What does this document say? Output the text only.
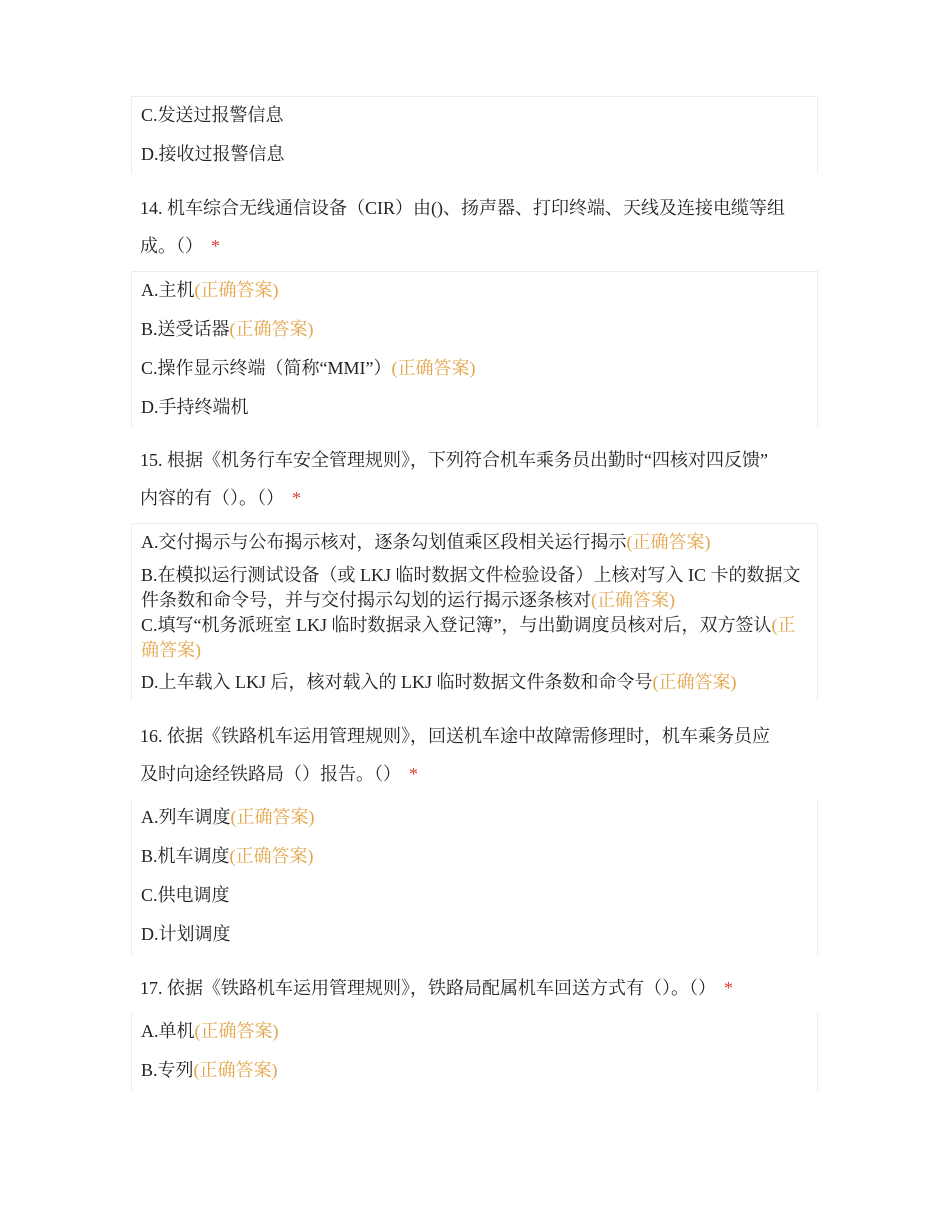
C.发送过报警信息
D.接收过报警信息
14. 机车综合无线通信设备（CIR）由()、扬声器、打印终端、天线及连接电缆等组
成。（） *
A.主机(正确答案)
B.送受话器(正确答案)
C.操作显示终端（简称“MMI”）(正确答案)
D.手持终端机
15. 根据《机务行车安全管理规则》，下列符合机车乘务员出勤时“四核对四反馈”
内容的有（）。（） *
A.交付揭示与公布揭示核对，逐条勾划值乘区段相关运行揭示(正确答案)
B.在模拟运行测试设备（或 LKJ 临时数据文件检验设备）上核对写入 IC 卡的数据文件条数和命令号，并与交付揭示勾划的运行揭示逐条核对(正确答案)
C.填写“机务派班室 LKJ 临时数据录入登记簿”，与出勤调度员核对后，双方签认(正确答案)
D.上车载入 LKJ 后，核对载入的 LKJ 临时数据文件条数和命令号(正确答案)
16. 依据《铁路机车运用管理规则》，回送机车途中故障需修理时，机车乘务员应
及时向途经铁路局（）报告。（） *
A.列车调度(正确答案)
B.机车调度(正确答案)
C.供电调度
D.计划调度
17. 依据《铁路机车运用管理规则》，铁路局配属机车回送方式有（）。（） *
A.单机(正确答案)
B.专列(正确答案)
